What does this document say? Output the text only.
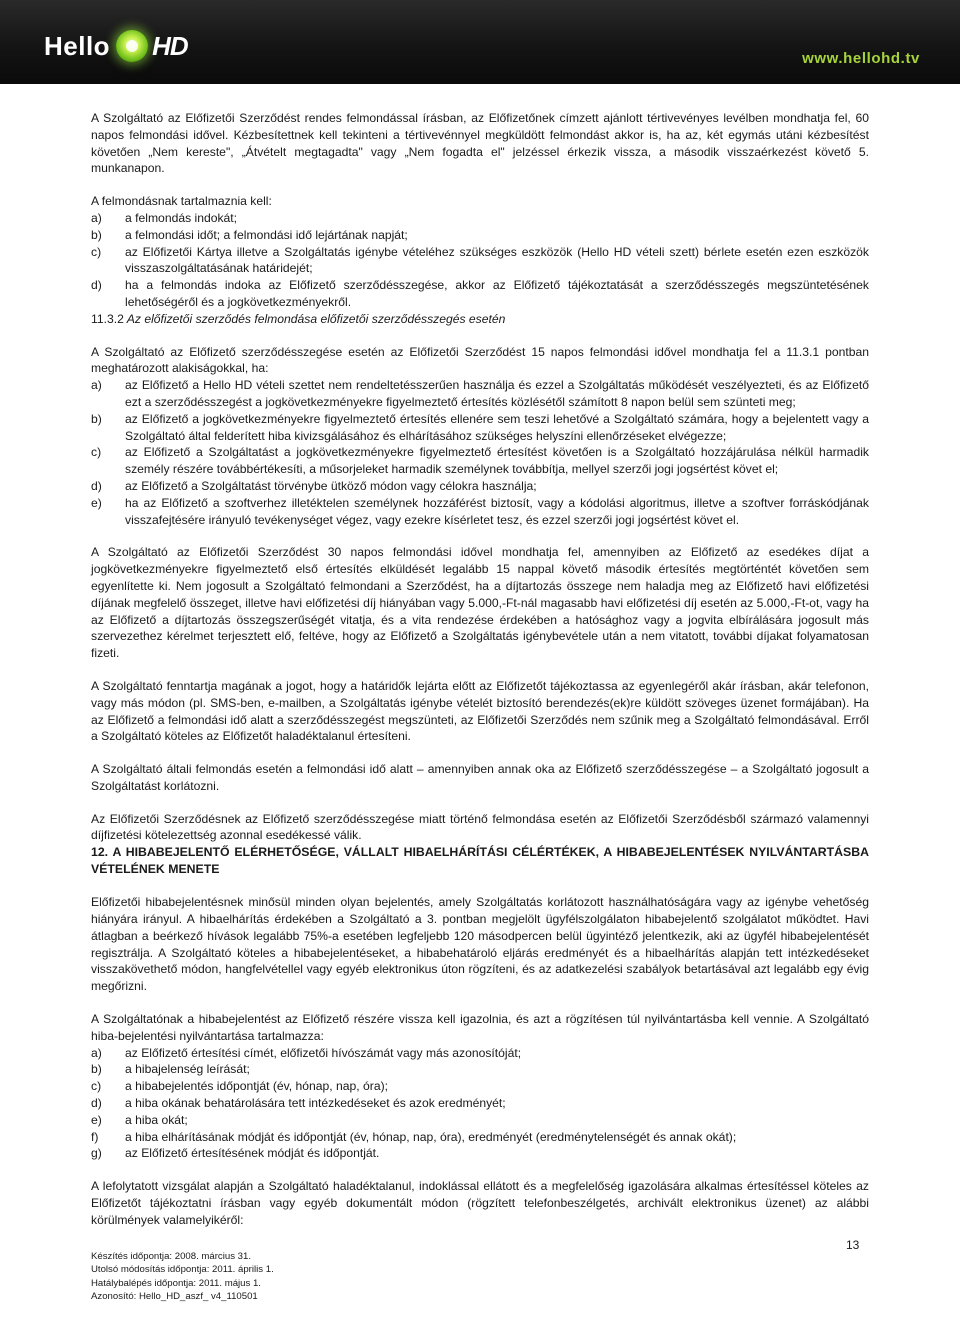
Hello HD	www.hellohd.tv

A Szolgáltató az Előfizetői Szerződést rendes felmondással írásban, az Előfizetőnek címzett ajánlott tértivevényes levélben mondhatja fel, 60 napos felmondási idővel. Kézbesítettnek kell tekinteni a tértivevénnyel megküldött felmondást akkor is, ha az, két egymás utáni kézbesítést követően „Nem kereste", „Átvételt megtagadta" vagy „Nem fogadta el" jelzéssel érkezik vissza, a második visszaérkezést követő 5. munkanapon.

A felmondásnak tartalmaznia kell:

a)	a felmondás indokát;
b)	a felmondási időt; a felmondási idő lejártának napját;
c)	az Előfizetői Kártya illetve a Szolgáltatás igénybe vételéhez szükséges eszközök (Hello HD vételi szett) bérlete esetén ezen eszközök visszaszolgáltatásának határidejét;
d)	ha a felmondás indoka az Előfizető szerződésszegése, akkor az Előfizető tájékoztatását a szerződésszegés megszüntetésének lehetőségéről és a jogkövetkezményekről.

11.3.2 Az előfizetői szerződés felmondása előfizetői szerződésszegés esetén

A Szolgáltató az Előfizető szerződésszegése esetén az Előfizetői Szerződést 15 napos felmondási idővel mondhatja fel a 11.3.1 pontban meghatározott alakiságokkal, ha:

a)	az Előfizető a Hello HD vételi szettet nem rendeltetésszerűen használja és ezzel a Szolgáltatás működését veszélyezteti, és az Előfizető ezt a szerződésszegést a jogkövetkezményekre figyelmeztető értesítés közlésétől számított 8 napon belül sem szünteti meg;
b)	az Előfizető a jogkövetkezményekre figyelmeztető értesítés ellenére sem teszi lehetővé a Szolgáltató számára, hogy a bejelentett vagy a Szolgáltató által felderített hiba kivizsgálásához és elhárításához szükséges helyszíni ellenőrzéseket elvégezze;
c)	az Előfizető a Szolgáltatást a jogkövetkezményekre figyelmeztető értesítést követően is a Szolgáltató hozzájárulása nélkül harmadik személy részére továbbértékesíti, a műsorjeleket harmadik személynek továbbítja, mellyel szerzői jogi jogsértést követ el;
d)	az Előfizető a Szolgáltatást törvénybe ütköző módon vagy célokra használja;
e)	ha az Előfizető a szoftverhez illetéktelen személynek hozzáférést biztosít, vagy a kódolási algoritmus, illetve a szoftver forráskódjának visszafejtésére irányuló tevékenységet végez, vagy ezekre kísérletet tesz, és ezzel szerzői jogi jogsértést követ el.

A Szolgáltató az Előfizetői Szerződést 30 napos felmondási idővel mondhatja fel, amennyiben az Előfizető az esedékes díjat a jogkövetkezményekre figyelmeztető első értesítés elküldését legalább 15 nappal követő második értesítés megtörténtét követően sem egyenlítette ki. Nem jogosult a Szolgáltató felmondani a Szerződést, ha a díjtartozás összege nem haladja meg az Előfizető havi előfizetési díjának megfelelő összeget, illetve havi előfizetési díj hiányában vagy 5.000,-Ft-nál magasabb havi előfizetési díj esetén az 5.000,-Ft-ot, vagy ha az Előfizető a díjtartozás összegszerűségét vitatja, és a vita rendezése érdekében a hatósághoz vagy a jogvita elbírálására jogosult más szervezethez kérelmet terjesztett elő, feltéve, hogy az Előfizető a Szolgáltatás igénybevétele után a nem vitatott, további díjakat folyamatosan fizeti.

A Szolgáltató fenntartja magának a jogot, hogy a határidők lejárta előtt az Előfizetőt tájékoztassa az egyenlegéről akár írásban, akár telefonon, vagy más módon (pl. SMS-ben, e-mailben, a Szolgáltatás igénybe vételét biztosító berendezés(ek)re küldött szöveges üzenet formájában). Ha az Előfizető a felmondási idő alatt a szerződésszegést megszünteti, az Előfizetői Szerződés nem szűnik meg a Szolgáltató felmondásával. Erről a Szolgáltató köteles az Előfizetőt haladéktalanul értesíteni.

A Szolgáltató általi felmondás esetén a felmondási idő alatt – amennyiben annak oka az Előfizető szerződésszegése – a Szolgáltató jogosult a Szolgáltatást korlátozni.

Az Előfizetői Szerződésnek az Előfizető szerződésszegése miatt történő felmondása esetén az Előfizetői Szerződésből származó valamennyi díjfizetési kötelezettség azonnal esedékessé válik.

12. A HIBABEJELENTŐ ELÉRHETŐSÉGE, VÁLLALT HIBAELHÁRÍTÁSI CÉLÉRTÉKEK, A HIBABEJELENTÉSEK NYILVÁNTARTÁSBA VÉTELÉNEK MENETE

Előfizetői hibabejelentésnek minősül minden olyan bejelentés, amely Szolgáltatás korlátozott használhatóságára vagy az igénybe vehetőség hiányára irányul. A hibaelhárítás érdekében a Szolgáltató a 3. pontban megjelölt ügyfélszolgálaton hibabejelentő szolgálatot működtet. Havi átlagban a beérkező hívások legalább 75%-a esetében legfeljebb 120 másodpercen belül ügyintéző jelentkezik, aki az ügyfél hibabejelentését regisztrálja. A Szolgáltató köteles a hibabejelentéseket, a hibabehatároló eljárás eredményét és a hibaelhárítás alapján tett intézkedéseket visszakövethető módon, hangfelvétellel vagy egyéb elektronikus úton rögzíteni, és az adatkezelési szabályok betartásával azt legalább egy évig megőrizni.

A Szolgáltatónak a hibabejelentést az Előfizető részére vissza kell igazolnia, és azt a rögzítésen túl nyilvántartásba kell vennie. A Szolgáltató hiba-bejelentési nyilvántartása tartalmazza:

a)	az Előfizető értesítési címét, előfizetői hívószámát vagy más azonosítóját;
b)	a hibajelenség leírását;
c)	a hibabejelentés időpontját (év, hónap, nap, óra);
d)	a hiba okának behatárolására tett intézkedéseket és azok eredményét;
e)	a hiba okát;
f)	a hiba elhárításának módját és időpontját (év, hónap, nap, óra), eredményét (eredménytelenségét és annak okát);
g)	az Előfizető értesítésének módját és időpontját.

A lefolytatott vizsgálat alapján a Szolgáltató haladéktalanul, indoklással ellátott és a megfelelőség igazolására alkalmas értesítéssel köteles az Előfizetőt tájékoztatni írásban vagy egyéb dokumentált módon (rögzített telefonbeszélgetés, archivált elektronikus üzenet) az alábbi körülmények valamelyikéről:

13
Készítés időpontja: 2008. március 31.
Utolsó módosítás időpontja: 2011. április 1.
Hatálybalépés időpontja: 2011. május 1.
Azonosító: Hello_HD_aszf_ v4_110501
